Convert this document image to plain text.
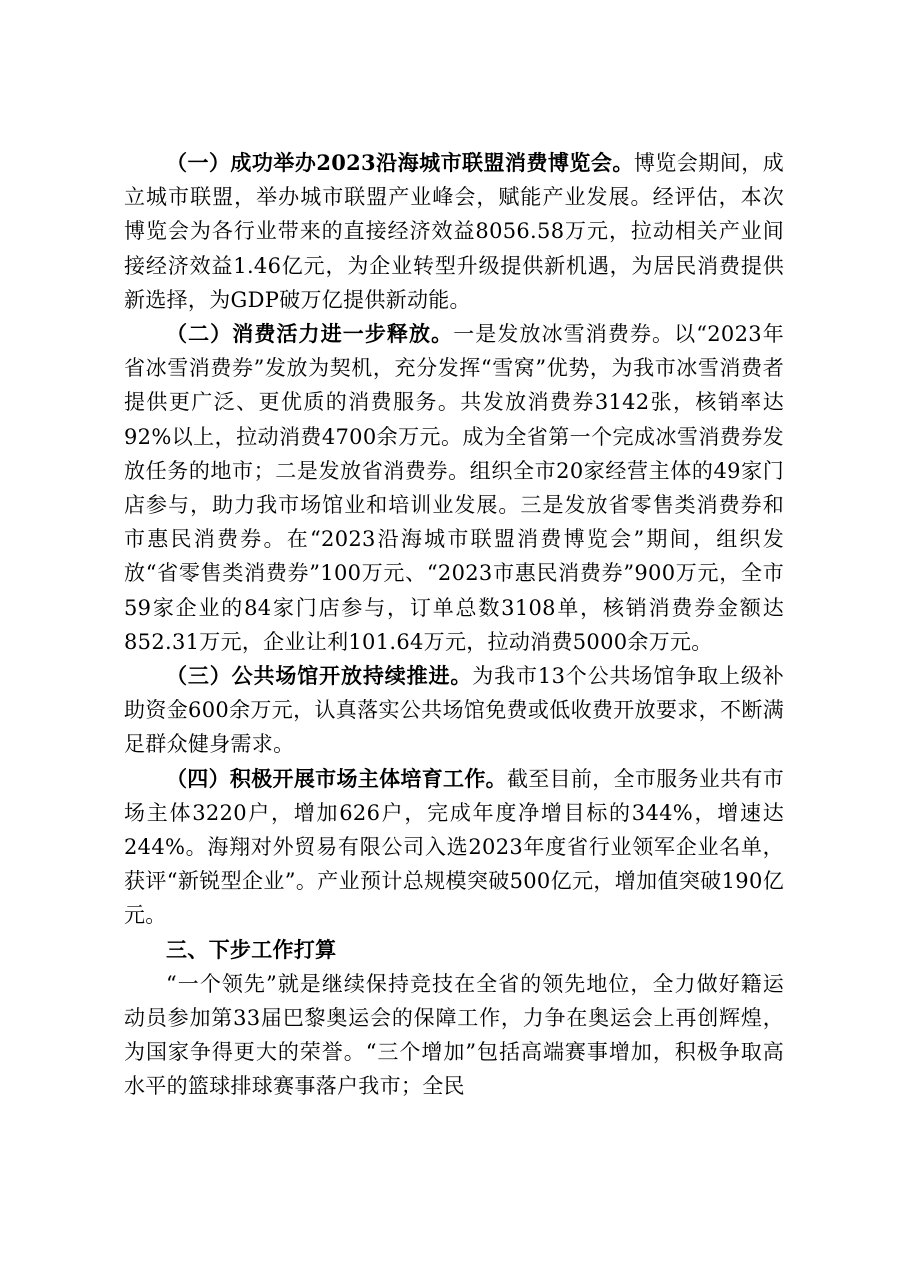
（一）成功举办2023沿海城市联盟消费博览会。博览会期间，成立城市联盟，举办城市联盟产业峰会，赋能产业发展。经评估，本次博览会为各行业带来的直接经济效益8056.58万元，拉动相关产业间接经济效益1.46亿元，为企业转型升级提供新机遇，为居民消费提供新选择，为GDP破万亿提供新动能。

（二）消费活力进一步释放。一是发放冰雪消费券。以“2023年省冰雪消费券”发放为契机，充分发挥“雪窝”优势，为我市冰雪消费者提供更广泛、更优质的消费服务。共发放消费券3142张，核销率达92%以上，拉动消费4700余万元。成为全省第一个完成冰雪消费券发放任务的地市；二是发放省消费券。组织全市20家经营主体的49家门店参与，助力我市场馆业和培训业发展。三是发放省零售类消费券和市惠民消费券。在“2023沿海城市联盟消费博览会”期间，组织发放“省零售类消费券”100万元、“2023市惠民消费券”900万元，全市59家企业的84家门店参与，订单总数3108单，核销消费券金额达852.31万元，企业让利101.64万元，拉动消费5000余万元。

（三）公共场馆开放持续推进。为我市13个公共场馆争取上级补助资金600余万元，认真落实公共场馆免费或低收费开放要求，不断满足群众健身需求。

（四）积极开展市场主体培育工作。截至目前，全市服务业共有市场主体3220户，增加626户，完成年度净增目标的344%，增速达244%。海翔对外贸易有限公司入选2023年度省行业领军企业名单，获评“新锐型企业”。产业预计总规模突破500亿元，增加值突破190亿元。

三、下步工作打算

“一个领先”就是继续保持竞技在全省的领先地位，全力做好籍运动员参加第33届巴黎奥运会的保障工作，力争在奥运会上再创辉煌，为国家争得更大的荣誉。“三个增加”包括高端赛事增加，积极争取高水平的篮球排球赛事落户我市；全民
